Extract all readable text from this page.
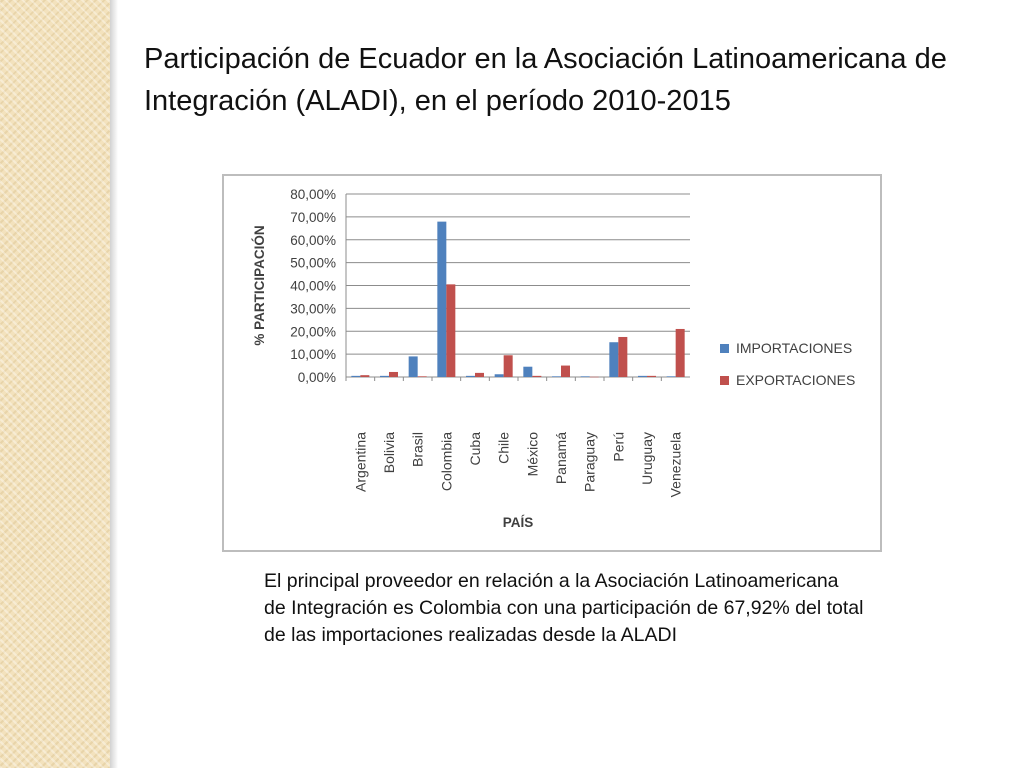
Participación de Ecuador en la Asociación Latinoamericana de Integración (ALADI), en el período 2010-2015
0,00%
10,00%
20,00%
30,00%
40,00%
50,00%
60,00%
70,00%
80,00%
Argentina Bolivia Brasil Colombia Cuba Chile México Panamá Paraguay Perú Uruguay Venezuela
PAÍS
% PARTICIPACIÓN
IMPORTACIONES
EXPORTACIONES

El principal proveedor en relación a la Asociación Latinoamericana de Integración es Colombia con una participación de 67,92% del total de las importaciones realizadas desde la ALADI
